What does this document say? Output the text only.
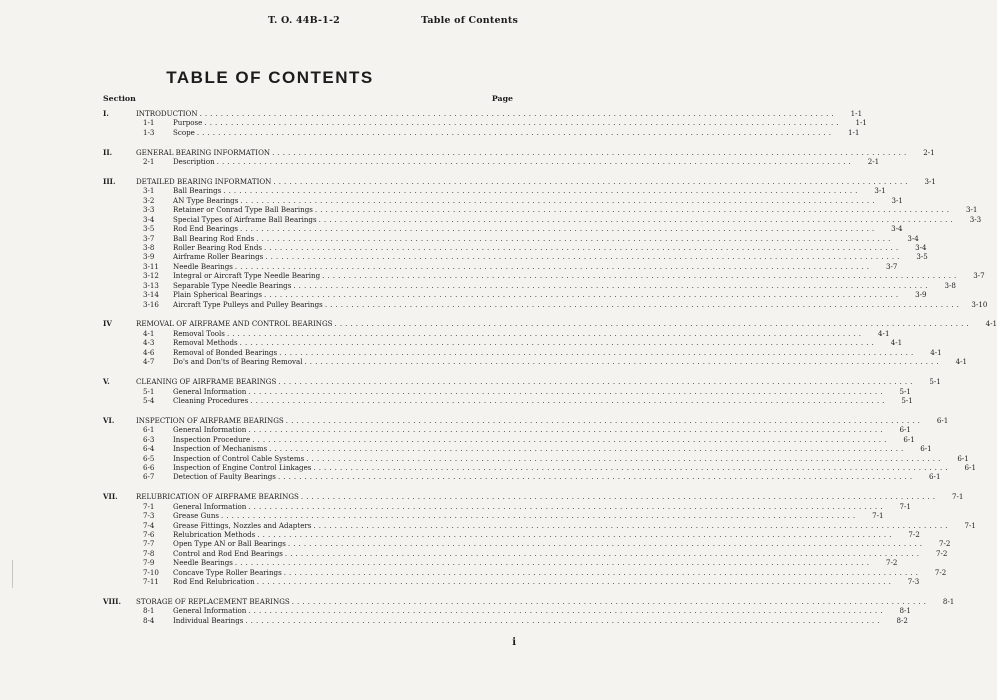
T. O. 44B-1-2	Table of Contents
TABLE OF CONTENTS
Section	Page
I.	INTRODUCTION . . . . . . . . . . . . . . . . . . . . . . . . . . . . . . . . . . . . . . . . . . . . . . . . . . . . . . . . . . . . . . . . . . . . . . . . . . . . . . . . . . . . . . . . . . . . . . . . . . . . . . . . . . . . . . . . . . . . . . . .	1-1
1-1	Purpose . . . . . . . . . . . . . . . . . . . . . . . . . . . . . . . . . . . . . . . . . . . . . . . . . . . . . . . . . . . . . . . . . . . . . . . . . . . . . . . . . . . . . . . . . . . . . . . . . . . . . . . . . . . . . . . . . . . . . . . .	1-1
1-3	Scope . . . . . . . . . . . . . . . . . . . . . . . . . . . . . . . . . . . . . . . . . . . . . . . . . . . . . . . . . . . . . . . . . . . . . . . . . . . . . . . . . . . . . . . . . . . . . . . . . . . . . . . . . . . . . . . . . . . . . . . .	1-1
II.	GENERAL BEARING INFORMATION . . . . . . . . . . . . . . . . . . . . . . . . . . . . . . . . . . . . . . . . . . . . . . . . . . . . . . . . . . . . . . . . . . . . . . . . . . . . . . . . . . . . . . . . . . . . . . . . . . . . . . . . . . . . . . . . . . . . . . . .	2-1
2-1	Description . . . . . . . . . . . . . . . . . . . . . . . . . . . . . . . . . . . . . . . . . . . . . . . . . . . . . . . . . . . . . . . . . . . . . . . . . . . . . . . . . . . . . . . . . . . . . . . . . . . . . . . . . . . . . . . . . . . . . . . .	2-1
III.	DETAILED BEARING INFORMATION . . . . . . . . . . . . . . . . . . . . . . . . . . . . . . . . . . . . . . . . . . . . . . . . . . . . . . . . . . . . . . . . . . . . . . . . . . . . . . . . . . . . . . . . . . . . . . . . . . . . . . . . . . . . . . . . . . . . . . . .	3-1
3-1	Ball Bearings . . . . . . . . . . . . . . . . . . . . . . . . . . . . . . . . . . . . . . . . . . . . . . . . . . . . . . . . . . . . . . . . . . . . . . . . . . . . . . . . . . . . . . . . . . . . . . . . . . . . . . . . . . . . . . . . . . . . . . . .	3-1
3-2	AN Type Bearings . . . . . . . . . . . . . . . . . . . . . . . . . . . . . . . . . . . . . . . . . . . . . . . . . . . . . . . . . . . . . . . . . . . . . . . . . . . . . . . . . . . . . . . . . . . . . . . . . . . . . . . . . . . . . . . . . . . . . . . .	3-1
3-3	Retainer or Conrad Type Ball Bearings . . . . . . . . . . . . . . . . . . . . . . . . . . . . . . . . . . . . . . . . . . . . . . . . . . . . . . . . . . . . . . . . . . . . . . . . . . . . . . . . . . . . . . . . . . . . . . . . . . . . . . . . . . . . . . . . . . . . . . . .	3-1
3-4	Special Types of Airframe Ball Bearings . . . . . . . . . . . . . . . . . . . . . . . . . . . . . . . . . . . . . . . . . . . . . . . . . . . . . . . . . . . . . . . . . . . . . . . . . . . . . . . . . . . . . . . . . . . . . . . . . . . . . . . . . . . . . . . . . . . . . . . .	3-3
3-5	Rod End Bearings . . . . . . . . . . . . . . . . . . . . . . . . . . . . . . . . . . . . . . . . . . . . . . . . . . . . . . . . . . . . . . . . . . . . . . . . . . . . . . . . . . . . . . . . . . . . . . . . . . . . . . . . . . . . . . . . . . . . . . . .	3-4
3-7	Ball Bearing Rod Ends . . . . . . . . . . . . . . . . . . . . . . . . . . . . . . . . . . . . . . . . . . . . . . . . . . . . . . . . . . . . . . . . . . . . . . . . . . . . . . . . . . . . . . . . . . . . . . . . . . . . . . . . . . . . . . . . . . . . . . . .	3-4
3-8	Roller Bearing Rod Ends . . . . . . . . . . . . . . . . . . . . . . . . . . . . . . . . . . . . . . . . . . . . . . . . . . . . . . . . . . . . . . . . . . . . . . . . . . . . . . . . . . . . . . . . . . . . . . . . . . . . . . . . . . . . . . . . . . . . . . . .	3-4
3-9	Airframe Roller Bearings . . . . . . . . . . . . . . . . . . . . . . . . . . . . . . . . . . . . . . . . . . . . . . . . . . . . . . . . . . . . . . . . . . . . . . . . . . . . . . . . . . . . . . . . . . . . . . . . . . . . . . . . . . . . . . . . . . . . . . . .	3-5
3-11	Needle Bearings . . . . . . . . . . . . . . . . . . . . . . . . . . . . . . . . . . . . . . . . . . . . . . . . . . . . . . . . . . . . . . . . . . . . . . . . . . . . . . . . . . . . . . . . . . . . . . . . . . . . . . . . . . . . . . . . . . . . . . . .	3-7
3-12	Integral or Aircraft Type Needle Bearing . . . . . . . . . . . . . . . . . . . . . . . . . . . . . . . . . . . . . . . . . . . . . . . . . . . . . . . . . . . . . . . . . . . . . . . . . . . . . . . . . . . . . . . . . . . . . . . . . . . . . . . . . . . . . . . . . . . . . . . .	3-7
3-13	Separable Type Needle Bearings . . . . . . . . . . . . . . . . . . . . . . . . . . . . . . . . . . . . . . . . . . . . . . . . . . . . . . . . . . . . . . . . . . . . . . . . . . . . . . . . . . . . . . . . . . . . . . . . . . . . . . . . . . . . . . . . . . . . . . . .	3-8
3-14	Plain Spherical Bearings . . . . . . . . . . . . . . . . . . . . . . . . . . . . . . . . . . . . . . . . . . . . . . . . . . . . . . . . . . . . . . . . . . . . . . . . . . . . . . . . . . . . . . . . . . . . . . . . . . . . . . . . . . . . . . . . . . . . . . . .	3-9
3-16	Aircraft Type Pulleys and Pulley Bearings . . . . . . . . . . . . . . . . . . . . . . . . . . . . . . . . . . . . . . . . . . . . . . . . . . . . . . . . . . . . . . . . . . . . . . . . . . . . . . . . . . . . . . . . . . . . . . . . . . . . . . . . . . . . . . . . . . . . . . . .	3-10
IV	REMOVAL OF AIRFRAME AND CONTROL BEARINGS . . . . . . . . . . . . . . . . . . . . . . . . . . . . . . . . . . . . . . . . . . . . . . . . . . . . . . . . . . . . . . . . . . . . . . . . . . . . . . . . . . . . . . . . . . . . . . . . . . . . . . . . . . . . . . . . . . . . . . . .	4-1
4-1	Removal Tools . . . . . . . . . . . . . . . . . . . . . . . . . . . . . . . . . . . . . . . . . . . . . . . . . . . . . . . . . . . . . . . . . . . . . . . . . . . . . . . . . . . . . . . . . . . . . . . . . . . . . . . . . . . . . . . . . . . . . . . .	4-1
4-3	Removal Methods . . . . . . . . . . . . . . . . . . . . . . . . . . . . . . . . . . . . . . . . . . . . . . . . . . . . . . . . . . . . . . . . . . . . . . . . . . . . . . . . . . . . . . . . . . . . . . . . . . . . . . . . . . . . . . . . . . . . . . . .	4-1
4-6	Removal of Bonded Bearings . . . . . . . . . . . . . . . . . . . . . . . . . . . . . . . . . . . . . . . . . . . . . . . . . . . . . . . . . . . . . . . . . . . . . . . . . . . . . . . . . . . . . . . . . . . . . . . . . . . . . . . . . . . . . . . . . . . . . . . .	4-1
4-7	Do's and Don'ts of Bearing Removal . . . . . . . . . . . . . . . . . . . . . . . . . . . . . . . . . . . . . . . . . . . . . . . . . . . . . . . . . . . . . . . . . . . . . . . . . . . . . . . . . . . . . . . . . . . . . . . . . . . . . . . . . . . . . . . . . . . . . . . .	4-1
V.	CLEANING OF AIRFRAME BEARINGS . . . . . . . . . . . . . . . . . . . . . . . . . . . . . . . . . . . . . . . . . . . . . . . . . . . . . . . . . . . . . . . . . . . . . . . . . . . . . . . . . . . . . . . . . . . . . . . . . . . . . . . . . . . . . . . . . . . . . . . .	5-1
5-1	General Information . . . . . . . . . . . . . . . . . . . . . . . . . . . . . . . . . . . . . . . . . . . . . . . . . . . . . . . . . . . . . . . . . . . . . . . . . . . . . . . . . . . . . . . . . . . . . . . . . . . . . . . . . . . . . . . . . . . . . . . .	5-1
5-4	Cleaning Procedures . . . . . . . . . . . . . . . . . . . . . . . . . . . . . . . . . . . . . . . . . . . . . . . . . . . . . . . . . . . . . . . . . . . . . . . . . . . . . . . . . . . . . . . . . . . . . . . . . . . . . . . . . . . . . . . . . . . . . . . .	5-1
VI.	INSPECTION OF AIRFRAME BEARINGS . . . . . . . . . . . . . . . . . . . . . . . . . . . . . . . . . . . . . . . . . . . . . . . . . . . . . . . . . . . . . . . . . . . . . . . . . . . . . . . . . . . . . . . . . . . . . . . . . . . . . . . . . . . . . . . . . . . . . . . .	6-1
6-1	General Information . . . . . . . . . . . . . . . . . . . . . . . . . . . . . . . . . . . . . . . . . . . . . . . . . . . . . . . . . . . . . . . . . . . . . . . . . . . . . . . . . . . . . . . . . . . . . . . . . . . . . . . . . . . . . . . . . . . . . . . .	6-1
6-3	Inspection Procedure . . . . . . . . . . . . . . . . . . . . . . . . . . . . . . . . . . . . . . . . . . . . . . . . . . . . . . . . . . . . . . . . . . . . . . . . . . . . . . . . . . . . . . . . . . . . . . . . . . . . . . . . . . . . . . . . . . . . . . . .	6-1
6-4	Inspection of Mechanisms . . . . . . . . . . . . . . . . . . . . . . . . . . . . . . . . . . . . . . . . . . . . . . . . . . . . . . . . . . . . . . . . . . . . . . . . . . . . . . . . . . . . . . . . . . . . . . . . . . . . . . . . . . . . . . . . . . . . . . . .	6-1
6-5	Inspection of Control Cable Systems . . . . . . . . . . . . . . . . . . . . . . . . . . . . . . . . . . . . . . . . . . . . . . . . . . . . . . . . . . . . . . . . . . . . . . . . . . . . . . . . . . . . . . . . . . . . . . . . . . . . . . . . . . . . . . . . . . . . . . . .	6-1
6-6	Inspection of Engine Control Linkages . . . . . . . . . . . . . . . . . . . . . . . . . . . . . . . . . . . . . . . . . . . . . . . . . . . . . . . . . . . . . . . . . . . . . . . . . . . . . . . . . . . . . . . . . . . . . . . . . . . . . . . . . . . . . . . . . . . . . . . .	6-1
6-7	Detection of Faulty Bearings . . . . . . . . . . . . . . . . . . . . . . . . . . . . . . . . . . . . . . . . . . . . . . . . . . . . . . . . . . . . . . . . . . . . . . . . . . . . . . . . . . . . . . . . . . . . . . . . . . . . . . . . . . . . . . . . . . . . . . . .	6-1
VII.	RELUBRICATION OF AIRFRAME BEARINGS . . . . . . . . . . . . . . . . . . . . . . . . . . . . . . . . . . . . . . . . . . . . . . . . . . . . . . . . . . . . . . . . . . . . . . . . . . . . . . . . . . . . . . . . . . . . . . . . . . . . . . . . . . . . . . . . . . . . . . . .	7-1
7-1	General Information . . . . . . . . . . . . . . . . . . . . . . . . . . . . . . . . . . . . . . . . . . . . . . . . . . . . . . . . . . . . . . . . . . . . . . . . . . . . . . . . . . . . . . . . . . . . . . . . . . . . . . . . . . . . . . . . . . . . . . . .	7-1
7-3	Grease Guns . . . . . . . . . . . . . . . . . . . . . . . . . . . . . . . . . . . . . . . . . . . . . . . . . . . . . . . . . . . . . . . . . . . . . . . . . . . . . . . . . . . . . . . . . . . . . . . . . . . . . . . . . . . . . . . . . . . . . . . .	7-1
7-4	Grease Fittings, Nozzles and Adapters . . . . . . . . . . . . . . . . . . . . . . . . . . . . . . . . . . . . . . . . . . . . . . . . . . . . . . . . . . . . . . . . . . . . . . . . . . . . . . . . . . . . . . . . . . . . . . . . . . . . . . . . . . . . . . . . . . . . . . . .	7-1
7-6	Relubrication Methods . . . . . . . . . . . . . . . . . . . . . . . . . . . . . . . . . . . . . . . . . . . . . . . . . . . . . . . . . . . . . . . . . . . . . . . . . . . . . . . . . . . . . . . . . . . . . . . . . . . . . . . . . . . . . . . . . . . . . . . .	7-2
7-7	Open Type AN or Ball Bearings . . . . . . . . . . . . . . . . . . . . . . . . . . . . . . . . . . . . . . . . . . . . . . . . . . . . . . . . . . . . . . . . . . . . . . . . . . . . . . . . . . . . . . . . . . . . . . . . . . . . . . . . . . . . . . . . . . . . . . . .	7-2
7-8	Control and Rod End Bearings . . . . . . . . . . . . . . . . . . . . . . . . . . . . . . . . . . . . . . . . . . . . . . . . . . . . . . . . . . . . . . . . . . . . . . . . . . . . . . . . . . . . . . . . . . . . . . . . . . . . . . . . . . . . . . . . . . . . . . . .	7-2
7-9	Needle Bearings . . . . . . . . . . . . . . . . . . . . . . . . . . . . . . . . . . . . . . . . . . . . . . . . . . . . . . . . . . . . . . . . . . . . . . . . . . . . . . . . . . . . . . . . . . . . . . . . . . . . . . . . . . . . . . . . . . . . . . . .	7-2
7-10	Concave Type Roller Bearings . . . . . . . . . . . . . . . . . . . . . . . . . . . . . . . . . . . . . . . . . . . . . . . . . . . . . . . . . . . . . . . . . . . . . . . . . . . . . . . . . . . . . . . . . . . . . . . . . . . . . . . . . . . . . . . . . . . . . . . .	7-2
7-11	Rod End Relubrication . . . . . . . . . . . . . . . . . . . . . . . . . . . . . . . . . . . . . . . . . . . . . . . . . . . . . . . . . . . . . . . . . . . . . . . . . . . . . . . . . . . . . . . . . . . . . . . . . . . . . . . . . . . . . . . . . . . . . . . .	7-3
VIII.	STORAGE OF REPLACEMENT BEARINGS . . . . . . . . . . . . . . . . . . . . . . . . . . . . . . . . . . . . . . . . . . . . . . . . . . . . . . . . . . . . . . . . . . . . . . . . . . . . . . . . . . . . . . . . . . . . . . . . . . . . . . . . . . . . . . . . . . . . . . . .	8-1
8-1	General Information . . . . . . . . . . . . . . . . . . . . . . . . . . . . . . . . . . . . . . . . . . . . . . . . . . . . . . . . . . . . . . . . . . . . . . . . . . . . . . . . . . . . . . . . . . . . . . . . . . . . . . . . . . . . . . . . . . . . . . . .	8-1
8-4	Individual Bearings . . . . . . . . . . . . . . . . . . . . . . . . . . . . . . . . . . . . . . . . . . . . . . . . . . . . . . . . . . . . . . . . . . . . . . . . . . . . . . . . . . . . . . . . . . . . . . . . . . . . . . . . . . . . . . . . . . . . . . . .	8-2
i
